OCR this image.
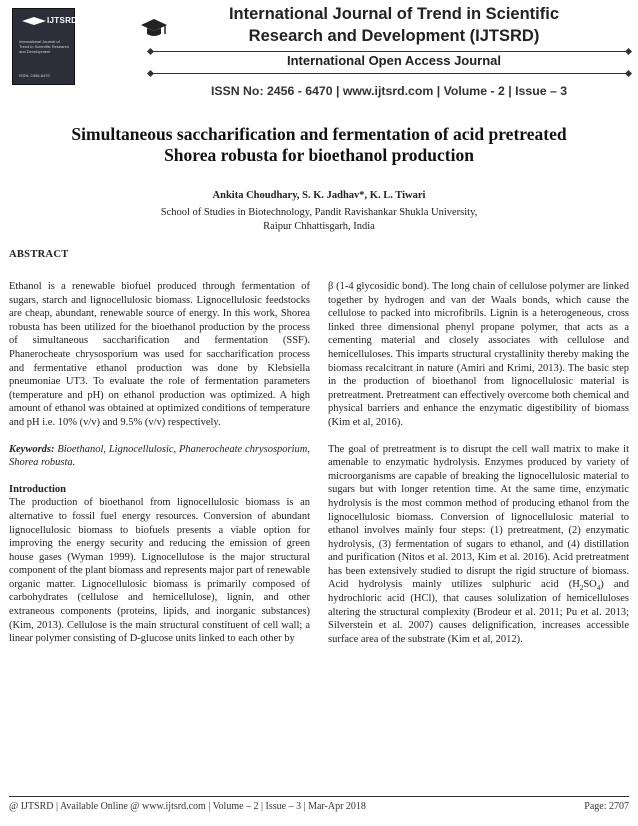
IJTSRD
International Journal of Trend in Scientific Research and Development
ISSN: 2456-6470
International Journal of Trend in Scientific
Research and Development (IJTSRD)
International Open Access Journal
ISSN No: 2456 - 6470 | www.ijtsrd.com | Volume - 2 | Issue – 3
Simultaneous saccharification and fermentation of acid pretreated
Shorea robusta for bioethanol production
Ankita Choudhary, S. K. Jadhav*, K. L. Tiwari
School of Studies in Biotechnology, Pandit Ravishankar Shukla University,
Raipur Chhattisgarh, India
ABSTRACT

Ethanol is a renewable biofuel produced through fermentation of sugars, starch and lignocellulosic biomass. Lignocellulosic feedstocks are cheap, abundant, renewable source of energy. In this work, Shorea robusta has been utilized for the bioethanol production by the process of simultaneous saccharification and fermentation (SSF). Phanerocheate chrysosporium was used for saccharification process and fermentative ethanol production was done by Klebsiella pneumoniae UT3. To evaluate the role of fermentation parameters (temperature and pH) on ethanol production was optimized. A high amount of ethanol was obtained at optimized conditions of temperature and pH i.e. 10% (v/v) and 9.5% (v/v) respectively.

Keywords: Bioethanol, Lignocellulosic, Phanerocheate chrysosporium, Shorea robusta.

Introduction

The production of bioethanol from lignocellulosic biomass is an alternative to fossil fuel energy resources. Conversion of abundant lignocellulosic biomass to biofuels presents a viable option for improving the energy security and reducing the emission of green house gases (Wyman 1999). Lignocellulose is the major structural component of the plant biomass and represents major part of renewable organic matter. Lignocellulosic biomass is primarily composed of carbohydrates (cellulose and hemicellulose), lignin, and other extraneous components (proteins, lipids, and inorganic substances) (Kim, 2013). Cellulose is the main structural constituent of cell wall; a linear polymer consisting of D-glucose units linked to each other by

β (1-4 glycosidic bond). The long chain of cellulose polymer are linked together by hydrogen and van der Waals bonds, which cause the cellulose to packed into microfibrils. Lignin is a heterogeneous, cross linked three dimensional phenyl propane polymer, that acts as a cementing material and closely associates with cellulose and hemicelluloses. This imparts structural crystallinity thereby making the biomass recalcitrant in nature (Amiri and Krimi, 2013). The basic step in the production of bioethanol from lignocellulosic material is pretreatment. Pretreatment can effectively overcome both chemical and physical barriers and enhance the enzymatic digestibility of biomass (Kim et al, 2016).

The goal of pretreatment is to disrupt the cell wall matrix to make it amenable to enzymatic hydrolysis. Enzymes produced by variety of microorganisms are capable of breaking the lignocellulosic material to sugars but with longer retention time. At the same time, enzymatic hydrolysis is the most common method of producing ethanol from the lignocellulosic biomass. Conversion of lignocellulosic material to ethanol involves mainly four steps: (1) pretreatment, (2) enzymatic hydrolysis, (3) fermentation of sugars to ethanol, and (4) distillation and purification (Nitos et al. 2013, Kim et al. 2016). Acid pretreatment has been extensively studied to disrupt the rigid structure of biomass. Acid hydrolysis mainly utilizes sulphuric acid $(H_2SO_4)$ and hydrochloric acid (HCl), that causes solulization of hemicelluloses altering the structural complexity (Brodeur et al. 2011; Pu et al. 2013; Silverstein et al. 2007) causes delignification, increases accessible surface area of the substrate (Kim et al, 2012).

@ IJTSRD | Available Online @ www.ijtsrd.com | Volume – 2 | Issue – 3 | Mar-Apr 2018	Page: 2707
